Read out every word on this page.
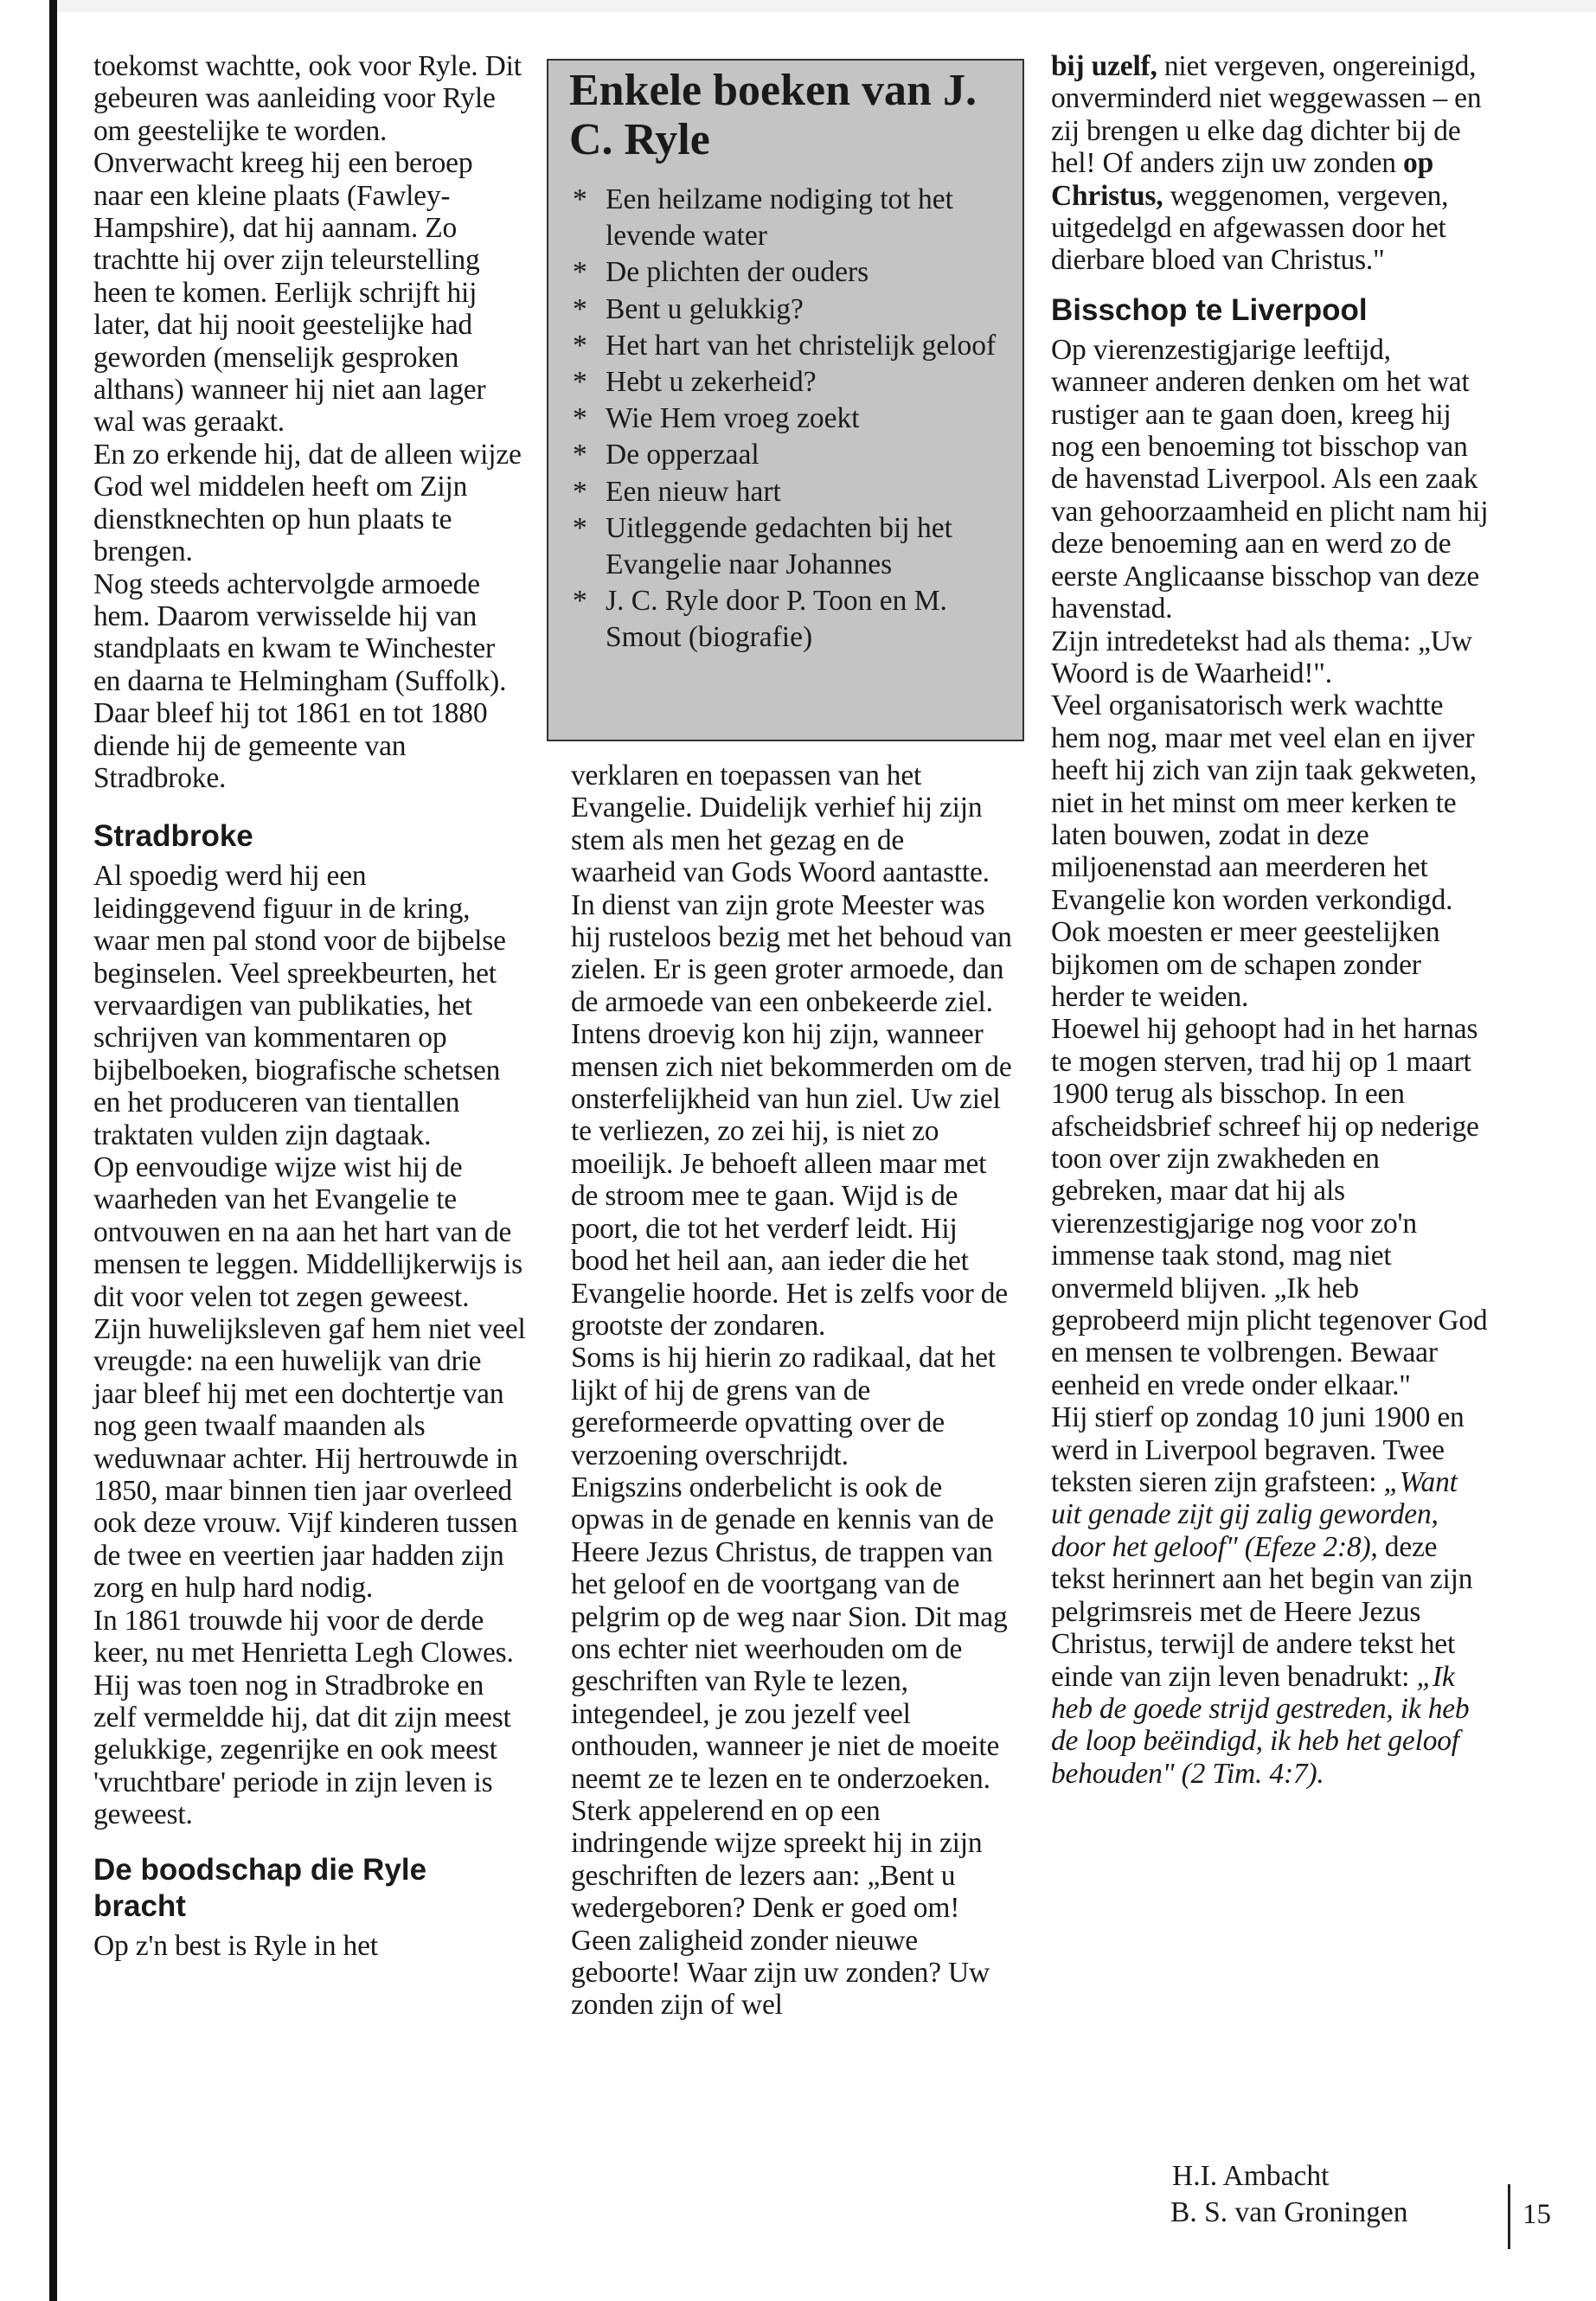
toekomst wachtte, ook voor Ryle. Dit gebeuren was aanleiding voor Ryle om geestelijke te worden. Onverwacht kreeg hij een beroep naar een kleine plaats (Fawley-Hampshire), dat hij aannam. Zo trachtte hij over zijn teleurstelling heen te komen. Eerlijk schrijft hij later, dat hij nooit geestelijke had geworden (menselijk gesproken althans) wanneer hij niet aan lager wal was geraakt.

En zo erkende hij, dat de alleen wijze God wel middelen heeft om Zijn dienstknechten op hun plaats te brengen.

Nog steeds achtervolgde armoede hem. Daarom verwisselde hij van standplaats en kwam te Winchester en daarna te Helmingham (Suffolk). Daar bleef hij tot 1861 en tot 1880 diende hij de gemeente van Stradbroke.

Stradbroke

Al spoedig werd hij een leidinggevend figuur in de kring, waar men pal stond voor de bijbelse beginselen. Veel spreekbeurten, het vervaardigen van publikaties, het schrijven van kommentaren op bijbelboeken, biografische schetsen en het produceren van tientallen traktaten vulden zijn dagtaak.

Op eenvoudige wijze wist hij de waarheden van het Evangelie te ontvouwen en na aan het hart van de mensen te leggen. Middellijkerwijs is dit voor velen tot zegen geweest.

Zijn huwelijksleven gaf hem niet veel vreugde: na een huwelijk van drie jaar bleef hij met een dochtertje van nog geen twaalf maanden als weduwnaar achter. Hij hertrouwde in 1850, maar binnen tien jaar overleed ook deze vrouw. Vijf kinderen tussen de twee en veertien jaar hadden zijn zorg en hulp hard nodig.

In 1861 trouwde hij voor de derde keer, nu met Henrietta Legh Clowes. Hij was toen nog in Stradbroke en zelf vermeldde hij, dat dit zijn meest gelukkige, zegenrijke en ook meest 'vruchtbare' periode in zijn leven is geweest.

De boodschap die Ryle bracht

Op z'n best is Ryle in het

Enkele boeken van J. C. Ryle
* Een heilzame nodiging tot het levende water
* De plichten der ouders
* Bent u gelukkig?
* Het hart van het christelijk geloof
* Hebt u zekerheid?
* Wie Hem vroeg zoekt
* De opperzaal
* Een nieuw hart
* Uitleggende gedachten bij het Evangelie naar Johannes
* J. C. Ryle door P. Toon en M. Smout (biografie)

verklaren en toepassen van het Evangelie. Duidelijk verhief hij zijn stem als men het gezag en de waarheid van Gods Woord aantastte. In dienst van zijn grote Meester was hij rusteloos bezig met het behoud van zielen. Er is geen groter armoede, dan de armoede van een onbekeerde ziel. Intens droevig kon hij zijn, wanneer mensen zich niet bekommerden om de onsterfelijkheid van hun ziel. Uw ziel te verliezen, zo zei hij, is niet zo moeilijk. Je behoeft alleen maar met de stroom mee te gaan. Wijd is de poort, die tot het verderf leidt. Hij bood het heil aan, aan ieder die het Evangelie hoorde. Het is zelfs voor de grootste der zondaren.

Soms is hij hierin zo radikaal, dat het lijkt of hij de grens van de gereformeerde opvatting over de verzoening overschrijdt.

Enigszins onderbelicht is ook de opwas in de genade en kennis van de Heere Jezus Christus, de trappen van het geloof en de voortgang van de pelgrim op de weg naar Sion. Dit mag ons echter niet weerhouden om de geschriften van Ryle te lezen, integendeel, je zou jezelf veel onthouden, wanneer je niet de moeite neemt ze te lezen en te onderzoeken. Sterk appelerend en op een indringende wijze spreekt hij in zijn geschriften de lezers aan: „Bent u wedergeboren? Denk er goed om! Geen zaligheid zonder nieuwe geboorte! Waar zijn uw zonden? Uw zonden zijn of wel

bij uzelf, niet vergeven, ongereinigd, onverminderd niet weggewassen – en zij brengen u elke dag dichter bij de hel! Of anders zijn uw zonden op Christus, weggenomen, vergeven, uitgedelgd en afgewassen door het dierbare bloed van Christus."

Bisschop te Liverpool

Op vierenzestigjarige leeftijd, wanneer anderen denken om het wat rustiger aan te gaan doen, kreeg hij nog een benoeming tot bisschop van de havenstad Liverpool. Als een zaak van gehoorzaamheid en plicht nam hij deze benoeming aan en werd zo de eerste Anglicaanse bisschop van deze havenstad.

Zijn intredetekst had als thema: „Uw Woord is de Waarheid!".

Veel organisatorisch werk wachtte hem nog, maar met veel elan en ijver heeft hij zich van zijn taak gekweten, niet in het minst om meer kerken te laten bouwen, zodat in deze miljoenenstad aan meerderen het Evangelie kon worden verkondigd.

Ook moesten er meer geestelijken bijkomen om de schapen zonder herder te weiden.

Hoewel hij gehoopt had in het harnas te mogen sterven, trad hij op 1 maart 1900 terug als bisschop. In een afscheidsbrief schreef hij op nederige toon over zijn zwakheden en gebreken, maar dat hij als vierenzestigjarige nog voor zo'n immense taak stond, mag niet onvermeld blijven. „Ik heb geprobeerd mijn plicht tegenover God en mensen te volbrengen. Bewaar eenheid en vrede onder elkaar."

Hij stierf op zondag 10 juni 1900 en werd in Liverpool begraven. Twee teksten sieren zijn grafsteen: „Want uit genade zijt gij zalig geworden, door het geloof" (Efeze 2:8), deze tekst herinnert aan het begin van zijn pelgrimsreis met de Heere Jezus Christus, terwijl de andere tekst het einde van zijn leven benadrukt: „Ik heb de goede strijd gestreden, ik heb de loop beëindigd, ik heb het geloof behouden" (2 Tim. 4:7).

H.I. Ambacht
B. S. van Groningen	15
